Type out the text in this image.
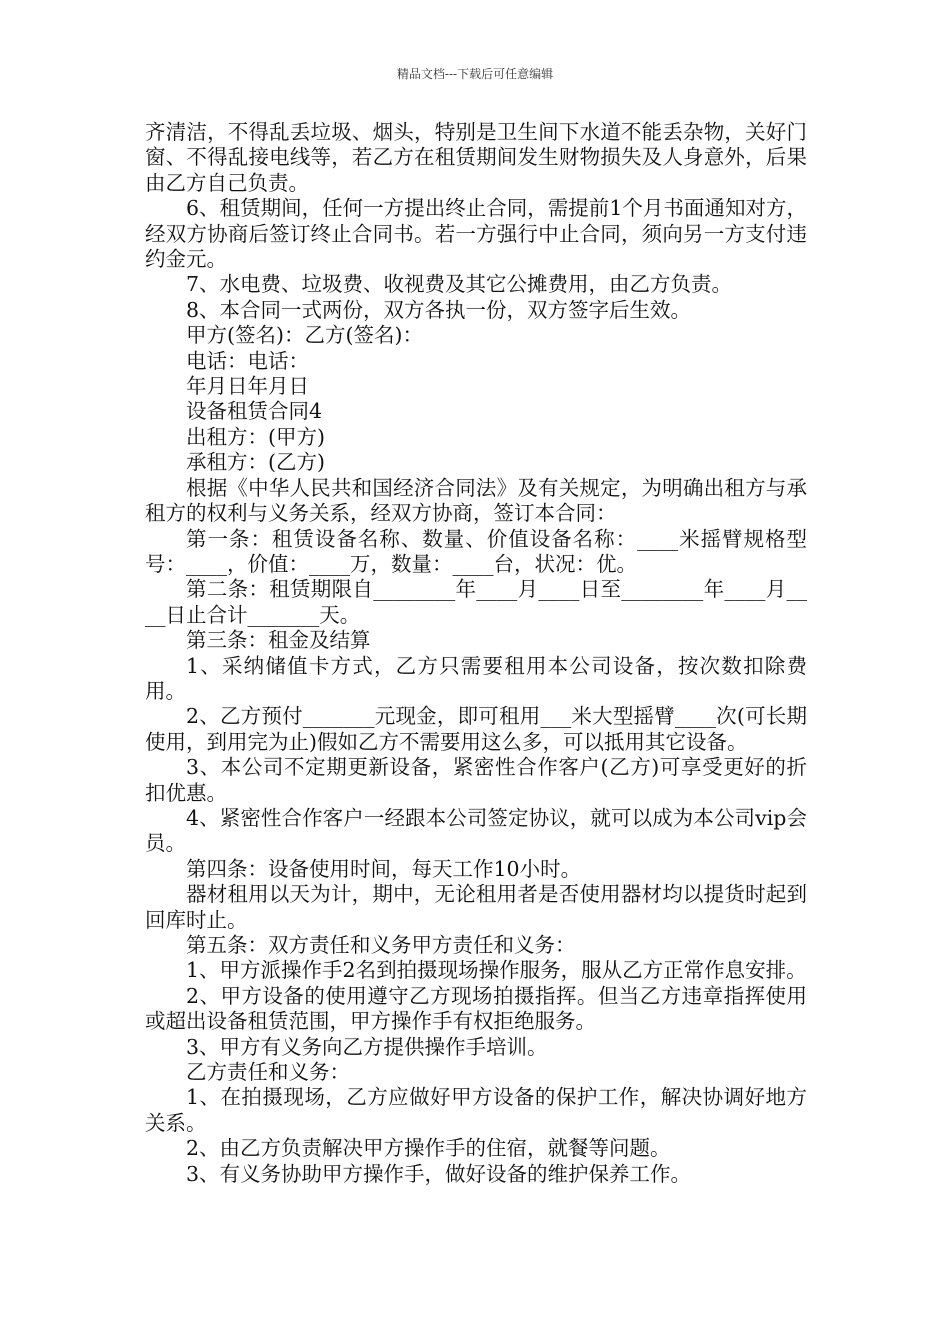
精品文档---下载后可任意编辑

齐清洁，不得乱丢垃圾、烟头，特别是卫生间下水道不能丢杂物，关好门窗、不得乱接电线等，若乙方在租赁期间发生财物损失及人身意外，后果由乙方自己负责。

6、租赁期间，任何一方提出终止合同，需提前1个月书面通知对方，经双方协商后签订终止合同书。若一方强行中止合同，须向另一方支付违约金元。

7、水电费、垃圾费、收视费及其它公摊费用，由乙方负责。

8、本合同一式两份，双方各执一份，双方签字后生效。

甲方(签名)：乙方(签名)：

电话：电话：

年月日年月日

设备租赁合同4

出租方：(甲方)

承租方：(乙方)

根据《中华人民共和国经济合同法》及有关规定，为明确出租方与承租方的权利与义务关系，经双方协商，签订本合同：

第一条：租赁设备名称、数量、价值设备名称：____米摇臂规格型号：____，价值：____万，数量：____台，状况：优。

第二条：租赁期限自________年____月____日至________年____月____日止合计_______天。

第三条：租金及结算

1、采纳储值卡方式，乙方只需要租用本公司设备，按次数扣除费用。

2、乙方预付_______元现金，即可租用___米大型摇臂____次(可长期使用，到用完为止)假如乙方不需要用这么多，可以抵用其它设备。

3、本公司不定期更新设备，紧密性合作客户(乙方)可享受更好的折扣优惠。

4、紧密性合作客户一经跟本公司签定协议，就可以成为本公司vip会员。

第四条：设备使用时间，每天工作10小时。

器材租用以天为计，期中，无论租用者是否使用器材均以提货时起到回库时止。

第五条：双方责任和义务甲方责任和义务：

1、甲方派操作手2名到拍摄现场操作服务，服从乙方正常作息安排。

2、甲方设备的使用遵守乙方现场拍摄指挥。但当乙方违章指挥使用或超出设备租赁范围，甲方操作手有权拒绝服务。

3、甲方有义务向乙方提供操作手培训。

乙方责任和义务：

1、在拍摄现场，乙方应做好甲方设备的保护工作，解决协调好地方关系。

2、由乙方负责解决甲方操作手的住宿，就餐等问题。

3、有义务协助甲方操作手，做好设备的维护保养工作。
